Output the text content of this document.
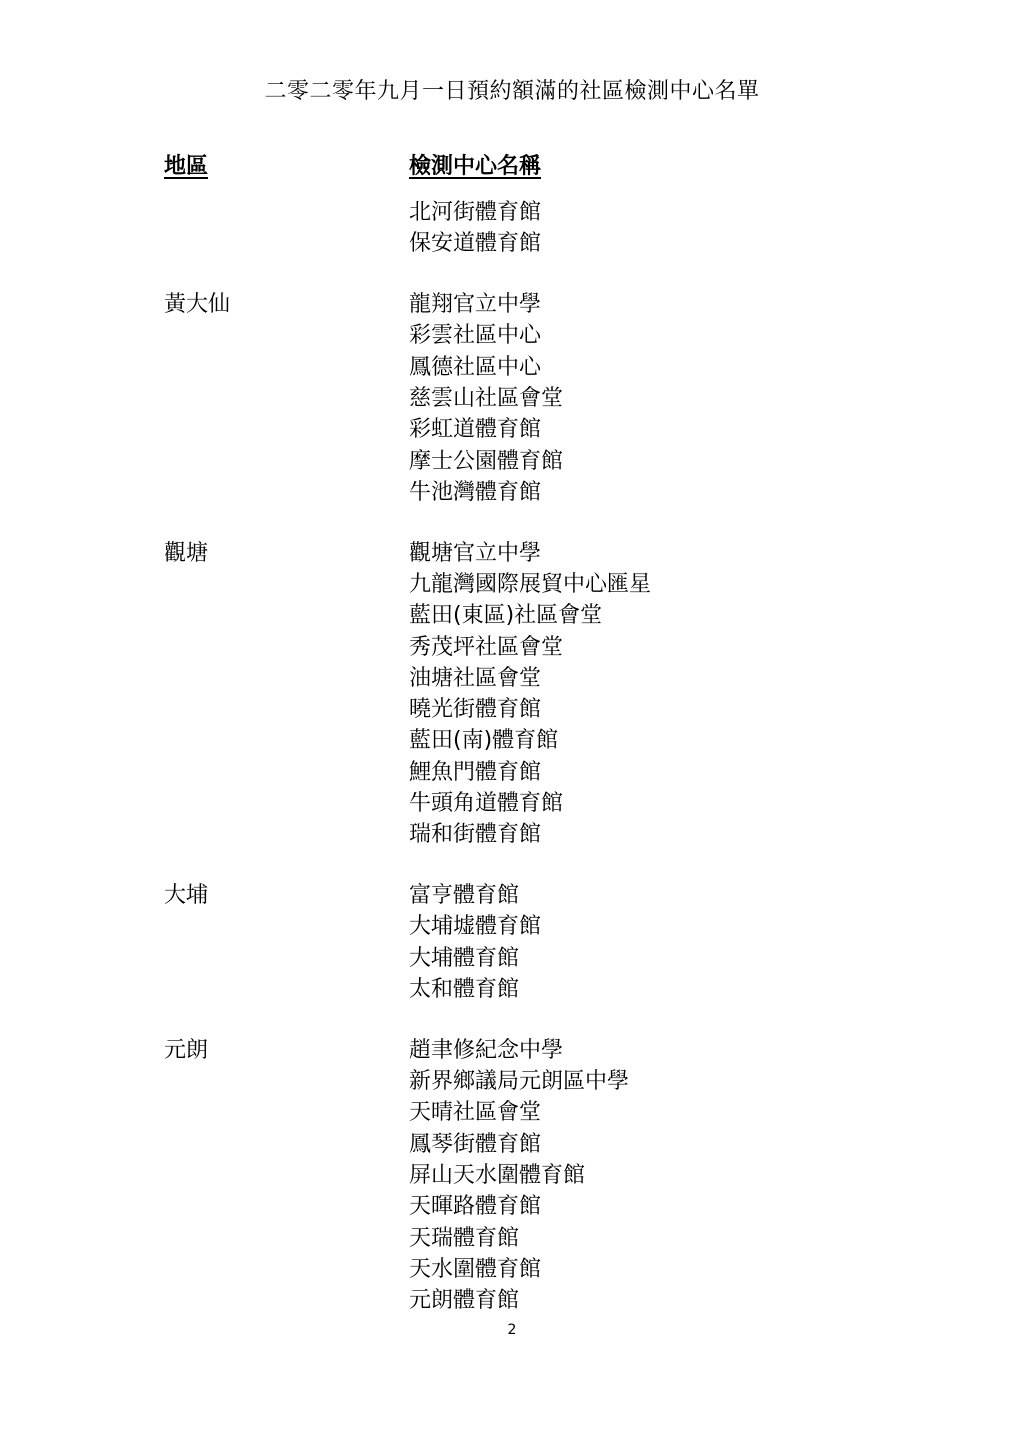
二零二零年九月一日預約額滿的社區檢測中心名單
地區	檢測中心名稱
北河街體育館
保安道體育館
黃大仙	龍翔官立中學
彩雲社區中心
鳳德社區中心
慈雲山社區會堂
彩虹道體育館
摩士公園體育館
牛池灣體育館
觀塘	觀塘官立中學
九龍灣國際展貿中心匯星
藍田(東區)社區會堂
秀茂坪社區會堂
油塘社區會堂
曉光街體育館
藍田(南)體育館
鯉魚門體育館
牛頭角道體育館
瑞和街體育館
大埔	富亨體育館
大埔墟體育館
大埔體育館
太和體育館
元朗	趙聿修紀念中學
新界鄉議局元朗區中學
天晴社區會堂
鳳琴街體育館
屏山天水圍體育館
天暉路體育館
天瑞體育館
天水圍體育館
元朗體育館
2
